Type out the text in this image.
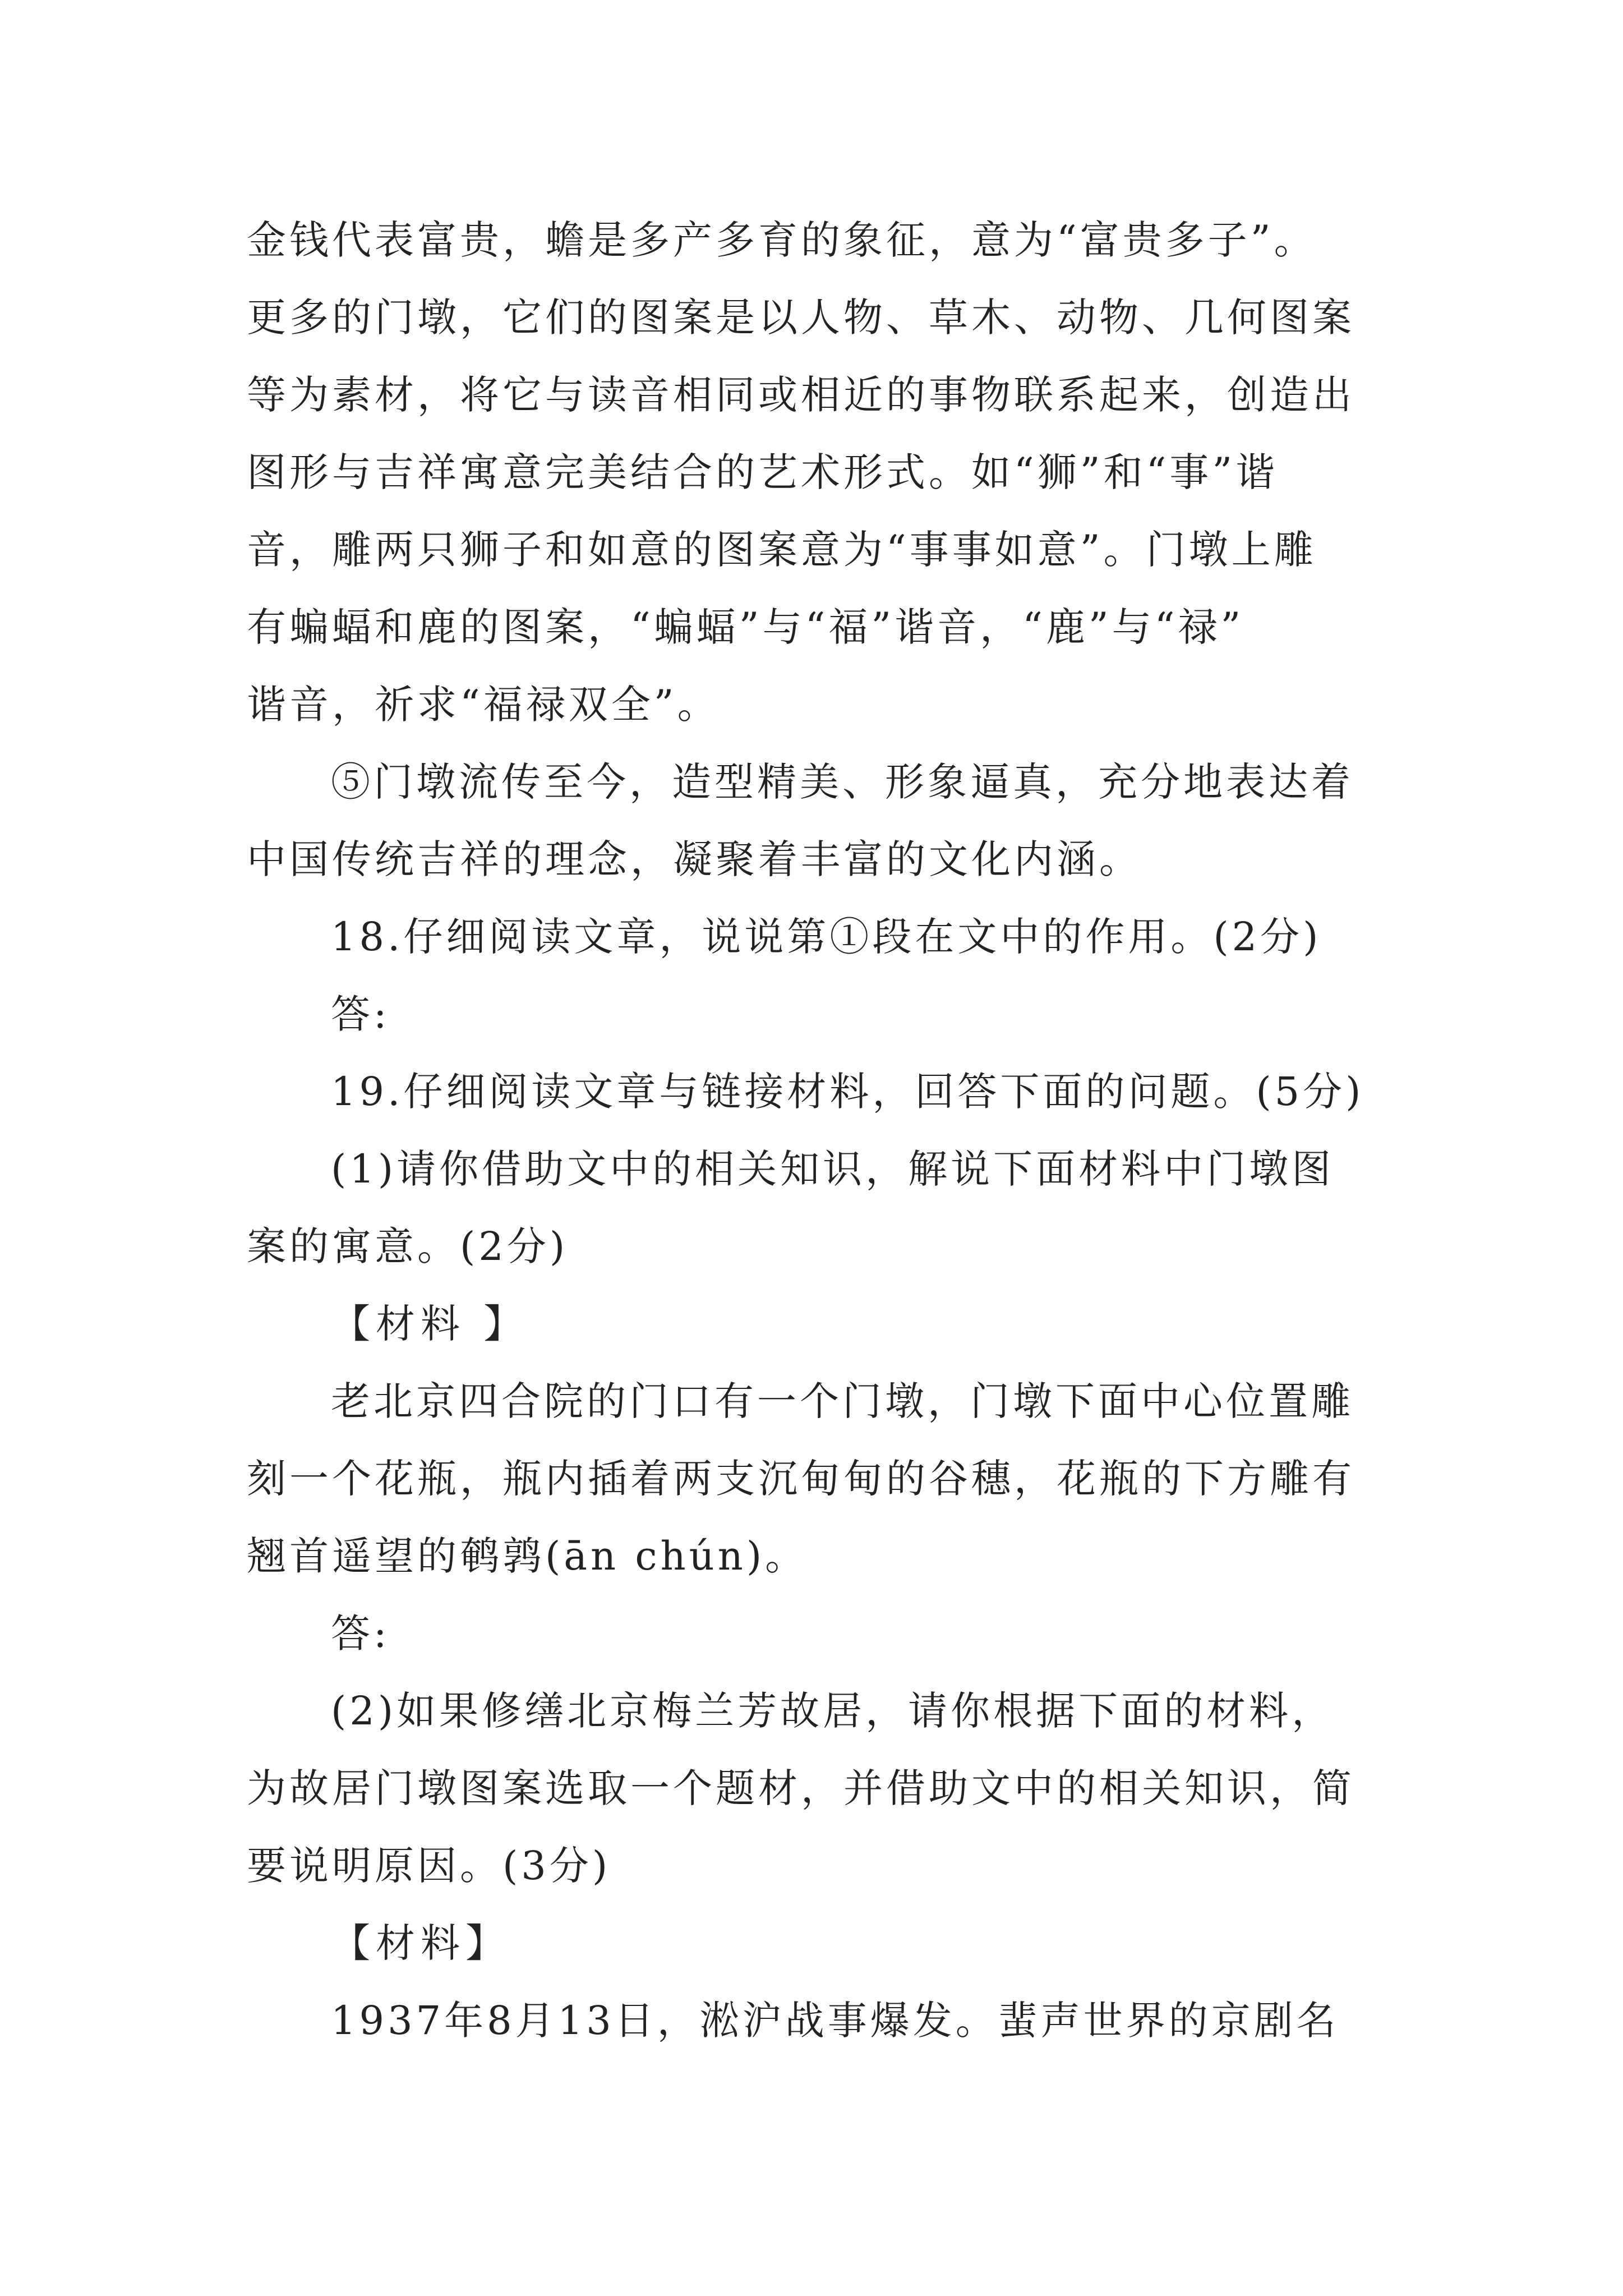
金钱代表富贵，蟾是多产多育的象征，意为“富贵多子”。
更多的门墩，它们的图案是以人物、草木、动物、几何图案
等为素材，将它与读音相同或相近的事物联系起来，创造出
图形与吉祥寓意完美结合的艺术形式。如“狮”和“事”谐
音，雕两只狮子和如意的图案意为“事事如意”。门墩上雕
有蝙蝠和鹿的图案，“蝙蝠”与“福”谐音，“鹿”与“禄”
谐音，祈求“福禄双全”。
⑤门墩流传至今，造型精美、形象逼真，充分地表达着
中国传统吉祥的理念，凝聚着丰富的文化内涵。
18.仔细阅读文章，说说第①段在文中的作用。(2分)
答:
19.仔细阅读文章与链接材料，回答下面的问题。(5分)
(1)请你借助文中的相关知识，解说下面材料中门墩图
案的寓意。(2分)
【材料 】
老北京四合院的门口有一个门墩，门墩下面中心位置雕
刻一个花瓶，瓶内插着两支沉甸甸的谷穗，花瓶的下方雕有
翘首遥望的鹌鹑(ān chún)。
答:
(2)如果修缮北京梅兰芳故居，请你根据下面的材料，
为故居门墩图案选取一个题材，并借助文中的相关知识，简
要说明原因。(3分)
【材料】
1937年8月13日，淞沪战事爆发。蜚声世界的京剧名
